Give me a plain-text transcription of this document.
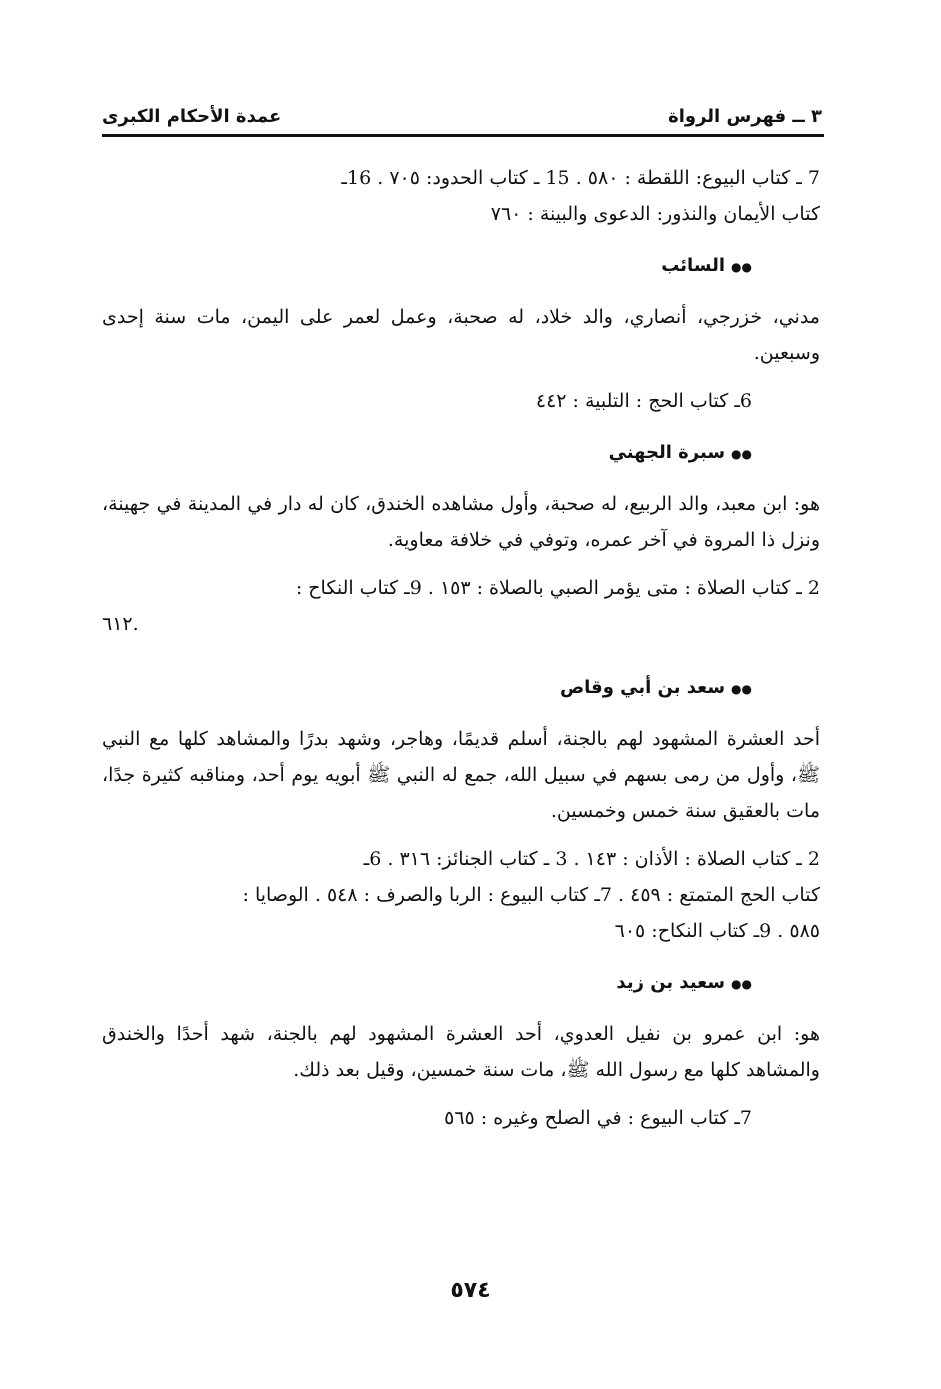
٣ ــ فهرس الرواة
عمدة الأحكام الكبرى
7 ـ كتاب البيوع: اللقطة : ٥٨٠ . 15 ـ كتاب الحدود: ٧٠٥ . 16ـ
كتاب الأيمان والنذور: الدعوى والبينة : ٧٦٠
●●السائب
مدني، خزرجي، أنصاري، والد خلاد، له صحبة، وعمل لعمر على اليمن، مات سنة إحدى وسبعين.
6ـ كتاب الحج : التلبية : ٤٤٢
●●سبرة الجهني
هو: ابن معبد، والد الربيع، له صحبة، وأول مشاهده الخندق، كان له دار في المدينة في جهينة، ونزل ذا المروة في آخر عمره، وتوفي في خلافة معاوية.
2 ـ كتاب الصلاة : متى يؤمر الصبي بالصلاة : ١٥٣ . 9ـ كتاب النكاح :
.٦١٢
●●سعد بن أبي وقاص
أحد العشرة المشهود لهم بالجنة، أسلم قديمًا، وهاجر، وشهد بدرًا والمشاهد كلها مع النبي ﷺ، وأول من رمى بسهم في سبيل الله، جمع له النبي ﷺ أبويه يوم أحد، ومناقبه كثيرة جدًا، مات بالعقيق سنة خمس وخمسين.
2 ـ كتاب الصلاة : الأذان : ١٤٣ . 3 ـ كتاب الجنائز: ٣١٦ . 6ـ
كتاب الحج المتمتع : ٤٥٩ . 7ـ كتاب البيوع : الربا والصرف : ٥٤٨ . الوصايا :
٥٨٥ . 9ـ كتاب النكاح: ٦٠٥
●●سعيد بن زيد
هو: ابن عمرو بن نفيل العدوي، أحد العشرة المشهود لهم بالجنة، شهد أحدًا والخندق والمشاهد كلها مع رسول الله ﷺ، مات سنة خمسين، وقيل بعد ذلك.
7ـ كتاب البيوع : في الصلح وغيره : ٥٦٥
٥٧٤
